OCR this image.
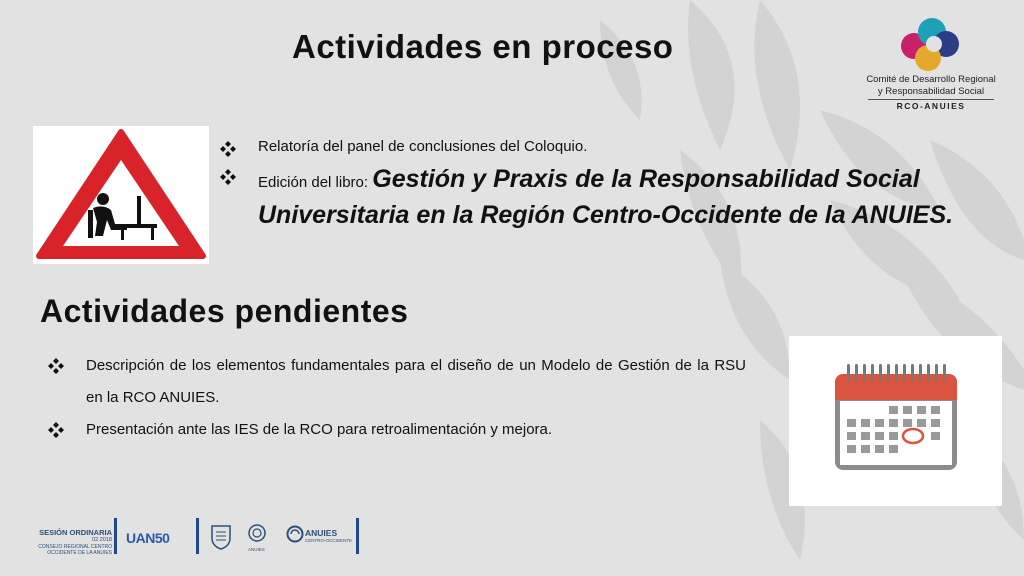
Actividades en proceso
Comité de Desarrollo Regional
y Responsabilidad Social
RCO-ANUIES
Relatoría del panel de conclusiones del Coloquio.
Edición del libro: Gestión y Praxis de la Responsabilidad Social Universitaria en la Región Centro-Occidente de la ANUIES.
Actividades pendientes
Descripción de los elementos fundamentales para el diseño de un Modelo de Gestión de la RSU en la RCO ANUIES.
Presentación ante las IES de la RCO para retroalimentación y mejora.
SESIÓN ORDINARIA
02.2018
CONSEJO REGIONAL CENTRO OCCIDENTE DE LA ANUIES
UAN50
ANUIES
ANUIES
CENTRO-OCCIDENTE
